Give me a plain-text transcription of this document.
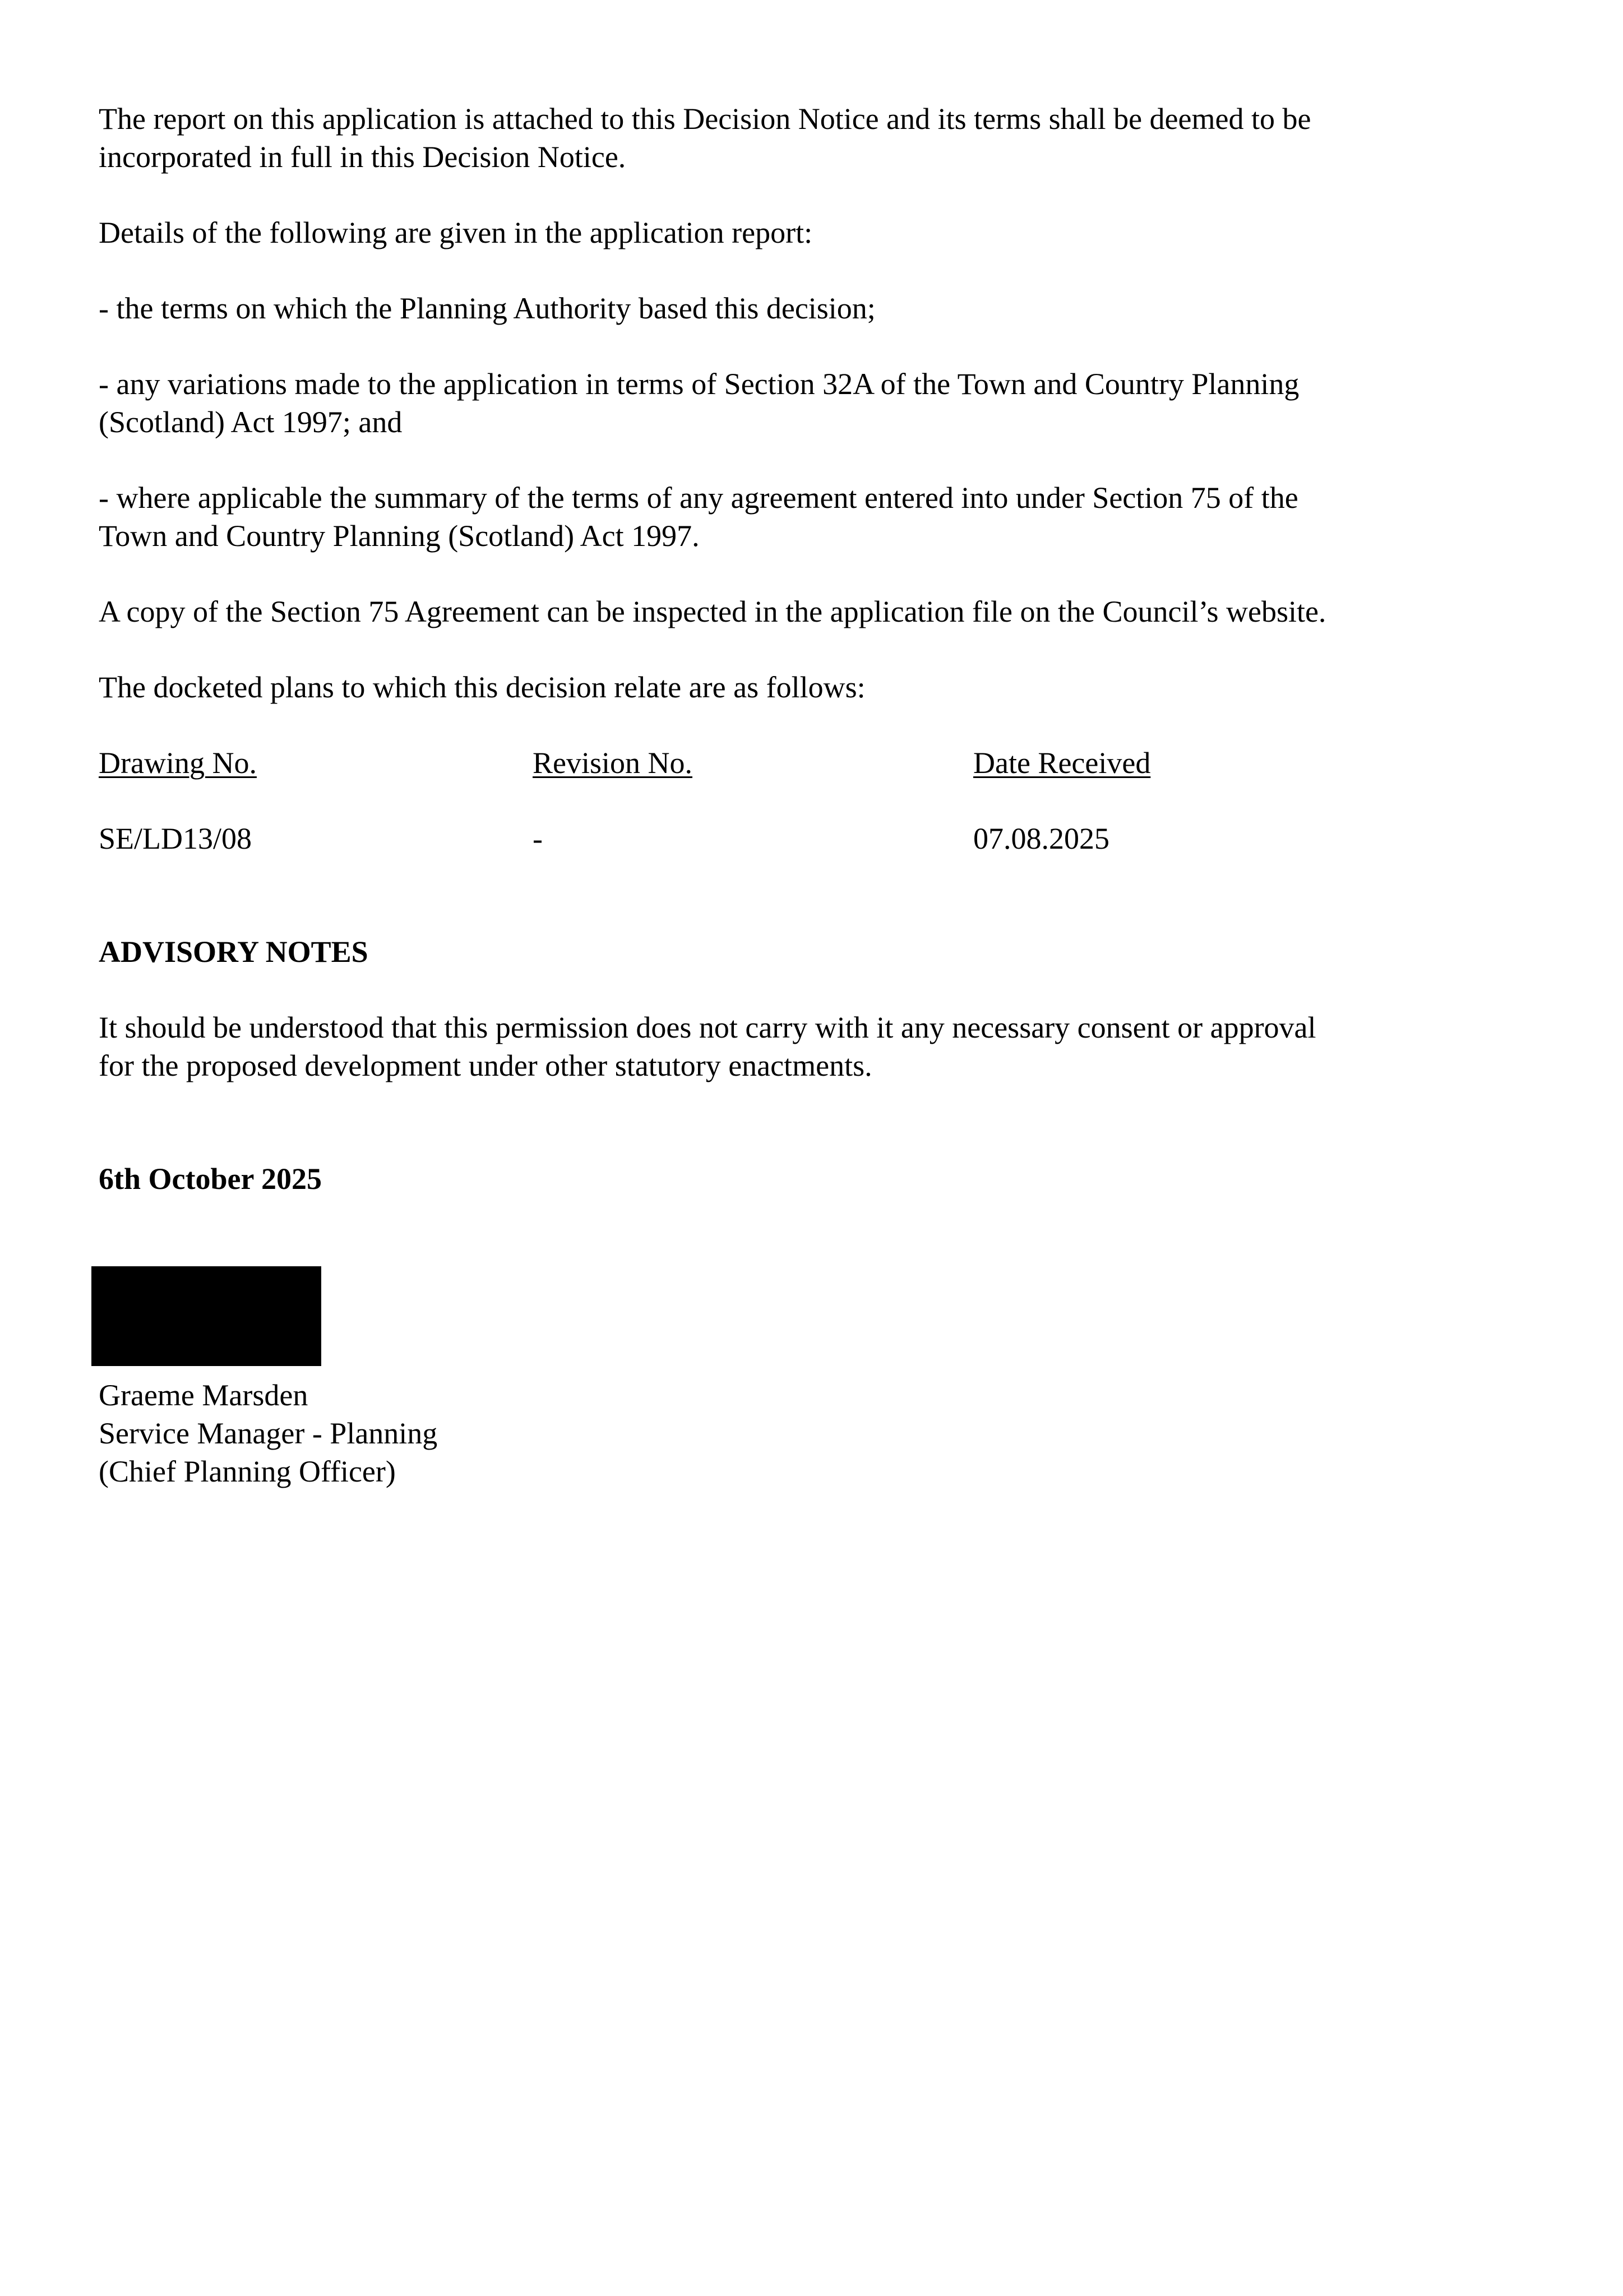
The report on this application is attached to this Decision Notice and its terms shall be deemed to be incorporated in full in this Decision Notice.

Details of the following are given in the application report:

- the terms on which the Planning Authority based this decision;

- any variations made to the application in terms of Section 32A of the Town and Country Planning (Scotland) Act 1997; and

- where applicable the summary of the terms of any agreement entered into under Section 75 of the Town and Country Planning (Scotland) Act 1997.

A copy of the Section 75 Agreement can be inspected in the application file on the Council’s website.

The docketed plans to which this decision relate are as follows:

Drawing No.	Revision No.	Date Received
SE/LD13/08	-	07.08.2025

ADVISORY NOTES

It should be understood that this permission does not carry with it any necessary consent or approval for the proposed development under other statutory enactments.

6th October 2025

Graeme Marsden
Service Manager - Planning
(Chief Planning Officer)
